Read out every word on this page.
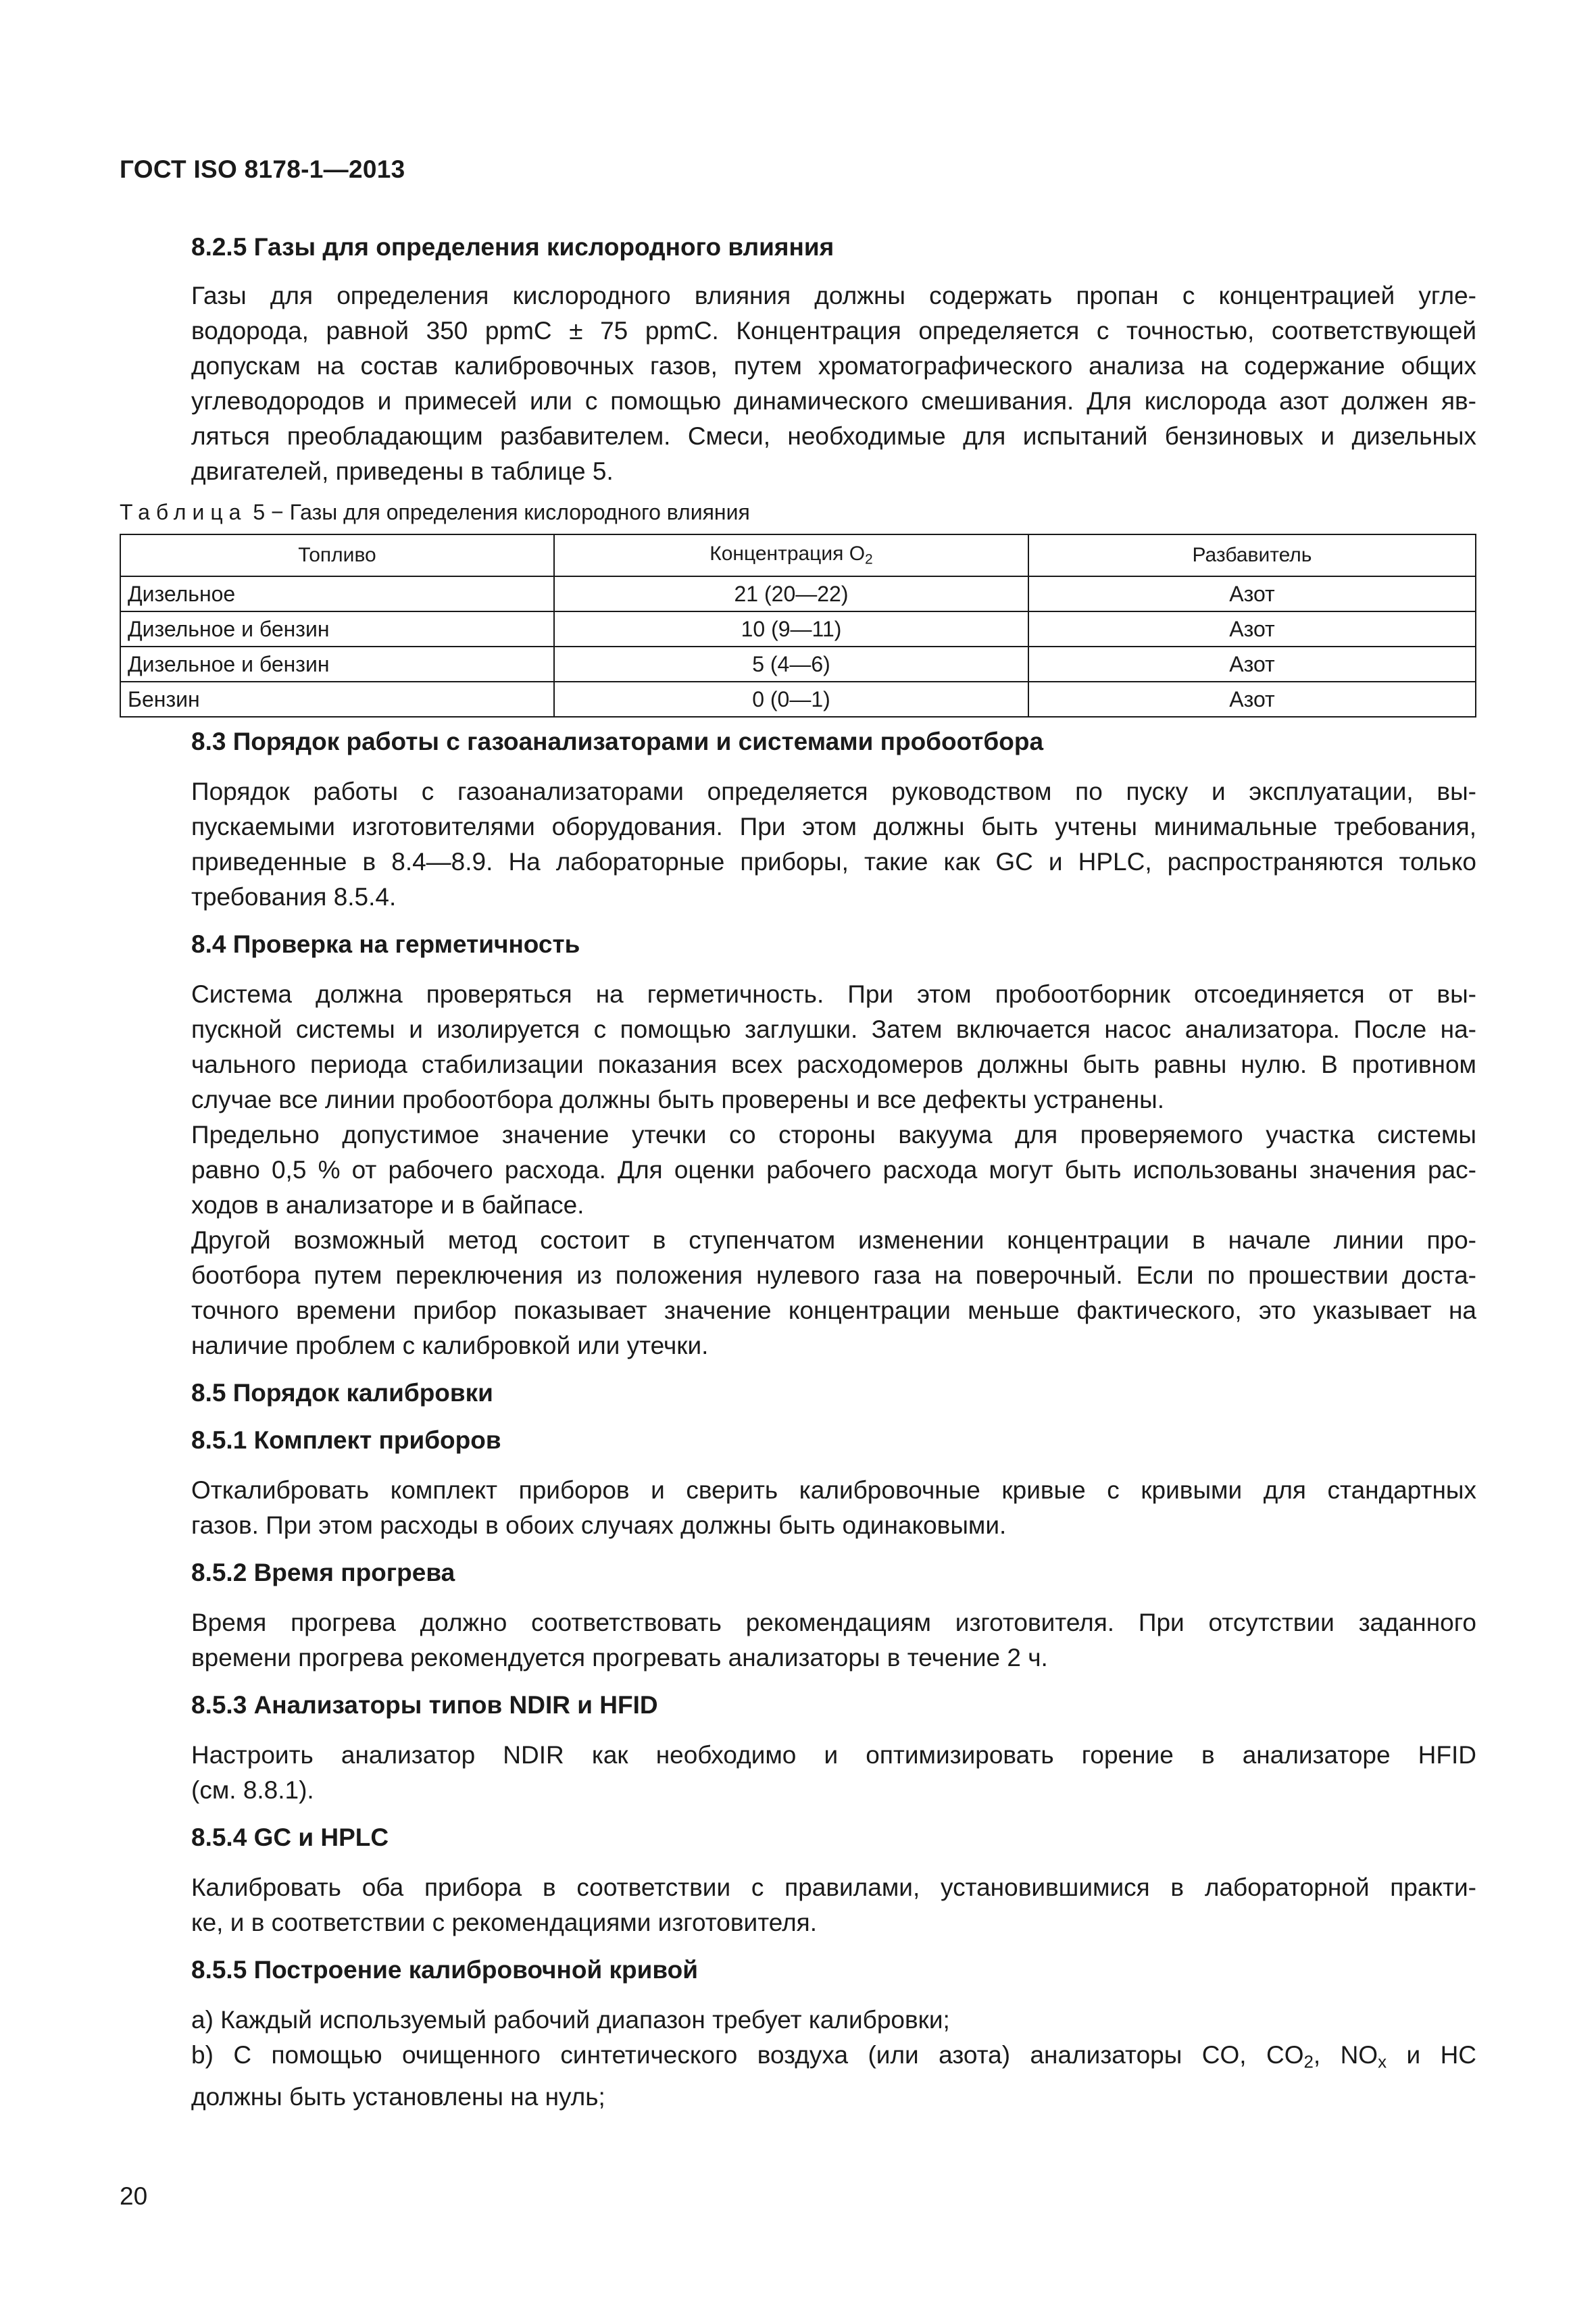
ГОСТ ISO 8178-1—2013
8.2.5 Газы для определения кислородного влияния
Газы для определения кислородного влияния должны содержать пропан с концентрацией угле-
водорода, равной 350 ppmC ± 75 ppmC. Концентрация определяется с точностью, соответствующей
допускам на состав калибровочных газов, путем хроматографического анализа на содержание общих
углеводородов и примесей или с помощью динамического смешивания. Для кислорода азот должен яв-
ляться преобладающим разбавителем. Смеси, необходимые для испытаний бензиновых и дизельных
двигателей, приведены в таблице 5.
Таблица 5 − Газы для определения кислородного влияния
Топливо	Концентрация $O_2$	Разбавитель
Дизельное	21 (20—22)	Азот
Дизельное и бензин	10 (9—11)	Азот
Дизельное и бензин	5 (4—6)	Азот
Бензин	0 (0—1)	Азот
8.3 Порядок работы с газоанализаторами и системами пробоотбора
Порядок работы с газоанализаторами определяется руководством по пуску и эксплуатации, вы-
пускаемыми изготовителями оборудования. При этом должны быть учтены минимальные требования,
приведенные в 8.4—8.9. На лабораторные приборы, такие как GC и HPLC, распространяются только
требования 8.5.4.
8.4 Проверка на герметичность
Система должна проверяться на герметичность. При этом пробоотборник отсоединяется от вы-
пускной системы и изолируется с помощью заглушки. Затем включается насос анализатора. После на-
чального периода стабилизации показания всех расходомеров должны быть равны нулю. В противном
случае все линии пробоотбора должны быть проверены и все дефекты устранены.
Предельно допустимое значение утечки со стороны вакуума для проверяемого участка системы
равно 0,5 % от рабочего расхода. Для оценки рабочего расхода могут быть использованы значения рас-
ходов в анализаторе и в байпасе.
Другой возможный метод состоит в ступенчатом изменении концентрации в начале линии про-
боотбора путем переключения из положения нулевого газа на поверочный. Если по прошествии доста-
точного времени прибор показывает значение концентрации меньше фактического, это указывает на
наличие проблем с калибровкой или утечки.
8.5 Порядок калибровки
8.5.1 Комплект приборов
Откалибровать комплект приборов и сверить калибровочные кривые с кривыми для стандартных
газов. При этом расходы в обоих случаях должны быть одинаковыми.
8.5.2 Время прогрева
Время прогрева должно соответствовать рекомендациям изготовителя. При отсутствии заданного
времени прогрева рекомендуется прогревать анализаторы в течение 2 ч.
8.5.3 Анализаторы типов NDIR и HFID
Настроить анализатор NDIR как необходимо и оптимизировать горение в анализаторе HFID
(см. 8.8.1).
8.5.4 GC и HPLC
Калибровать оба прибора в соответствии с правилами, установившимися в лабораторной практи-
ке, и в соответствии с рекомендациями изготовителя.
8.5.5 Построение калибровочной кривой
а) Каждый используемый рабочий диапазон требует калибровки;
b) С помощью очищенного синтетического воздуха (или азота) анализаторы CO, $CO_2$, $NO_x$ и HC
должны быть установлены на нуль;
20
